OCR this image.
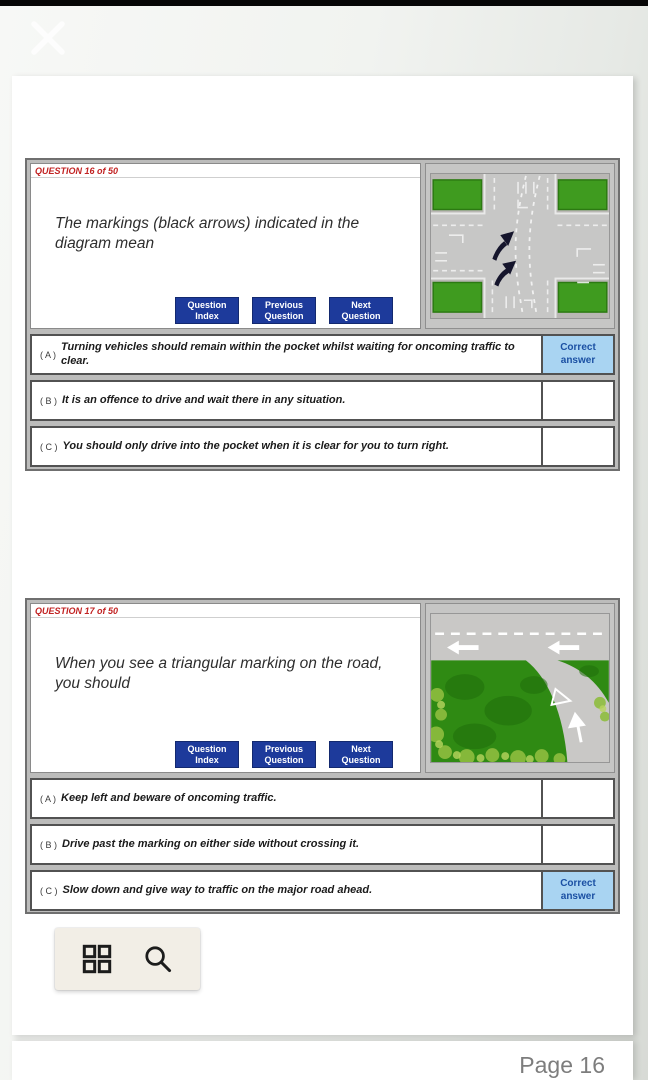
QUESTION 16 of 50
The markings (black arrows) indicated in the diagram mean
Question Index
Previous Question
Next Question
( A )
Turning vehicles should remain within the pocket whilst waiting for oncoming traffic to clear.
Correct answer
( B ) It is an offence to drive and wait there in any situation.
( C ) You should only drive into the pocket when it is clear for you to turn right.
QUESTION 17 of 50
When you see a triangular marking on the road, you should
Question Index
Previous Question
Next Question
( A ) Keep left and beware of oncoming traffic.
( B ) Drive past the marking on either side without crossing it.
( C ) Slow down and give way to traffic on the major road ahead.
Correct answer
Page 16
